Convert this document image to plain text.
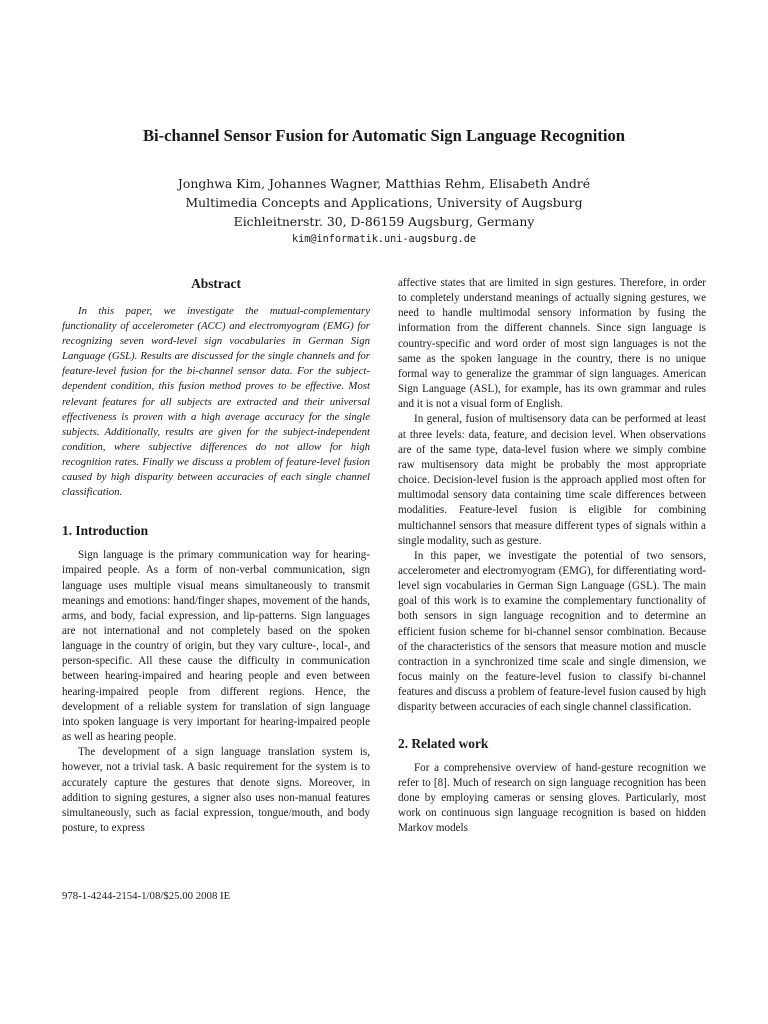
Bi-channel Sensor Fusion for Automatic Sign Language Recognition
Jonghwa Kim, Johannes Wagner, Matthias Rehm, Elisabeth André
Multimedia Concepts and Applications, University of Augsburg
Eichleitnerstr. 30, D-86159 Augsburg, Germany
kim@informatik.uni-augsburg.de
Abstract

In this paper, we investigate the mutual-complementary functionality of accelerometer (ACC) and electromyogram (EMG) for recognizing seven word-level sign vocabularies in German Sign Language (GSL). Results are discussed for the single channels and for feature-level fusion for the bi-channel sensor data. For the subject-dependent condition, this fusion method proves to be effective. Most relevant features for all subjects are extracted and their universal effectiveness is proven with a high average accuracy for the single subjects. Additionally, results are given for the subject-independent condition, where subjective differences do not allow for high recognition rates. Finally we discuss a problem of feature-level fusion caused by high disparity between accuracies of each single channel classification.

1. Introduction

Sign language is the primary communication way for hearing-impaired people. As a form of non-verbal communication, sign language uses multiple visual means simultaneously to transmit meanings and emotions: hand/finger shapes, movement of the hands, arms, and body, facial expression, and lip-patterns. Sign languages are not international and not completely based on the spoken language in the country of origin, but they vary culture-, local-, and person-specific. All these cause the difficulty in communication between hearing-impaired and hearing people and even between hearing-impaired people from different regions. Hence, the development of a reliable system for translation of sign language into spoken language is very important for hearing-impaired people as well as hearing people.

The development of a sign language translation system is, however, not a trivial task. A basic requirement for the system is to accurately capture the gestures that denote signs. Moreover, in addition to signing gestures, a signer also uses non-manual features simultaneously, such as facial expression, tongue/mouth, and body posture, to express

affective states that are limited in sign gestures. Therefore, in order to completely understand meanings of actually signing gestures, we need to handle multimodal sensory information by fusing the information from the different channels. Since sign language is country-specific and word order of most sign languages is not the same as the spoken language in the country, there is no unique formal way to generalize the grammar of sign languages. American Sign Language (ASL), for example, has its own grammar and rules and it is not a visual form of English.

In general, fusion of multisensory data can be performed at least at three levels: data, feature, and decision level. When observations are of the same type, data-level fusion where we simply combine raw multisensory data might be probably the most appropriate choice. Decision-level fusion is the approach applied most often for multimodal sensory data containing time scale differences between modalities. Feature-level fusion is eligible for combining multichannel sensors that measure different types of signals within a single modality, such as gesture.

In this paper, we investigate the potential of two sensors, accelerometer and electromyogram (EMG), for differentiating word-level sign vocabularies in German Sign Language (GSL). The main goal of this work is to examine the complementary functionality of both sensors in sign language recognition and to determine an efficient fusion scheme for bi-channel sensor combination. Because of the characteristics of the sensors that measure motion and muscle contraction in a synchronized time scale and single dimension, we focus mainly on the feature-level fusion to classify bi-channel features and discuss a problem of feature-level fusion caused by high disparity between accuracies of each single channel classification.

2. Related work

For a comprehensive overview of hand-gesture recognition we refer to [8]. Much of research on sign language recognition has been done by employing cameras or sensing gloves. Particularly, most work on continuous sign language recognition is based on hidden Markov models

978-1-4244-2154-1/08/$25.00 2008 IE
